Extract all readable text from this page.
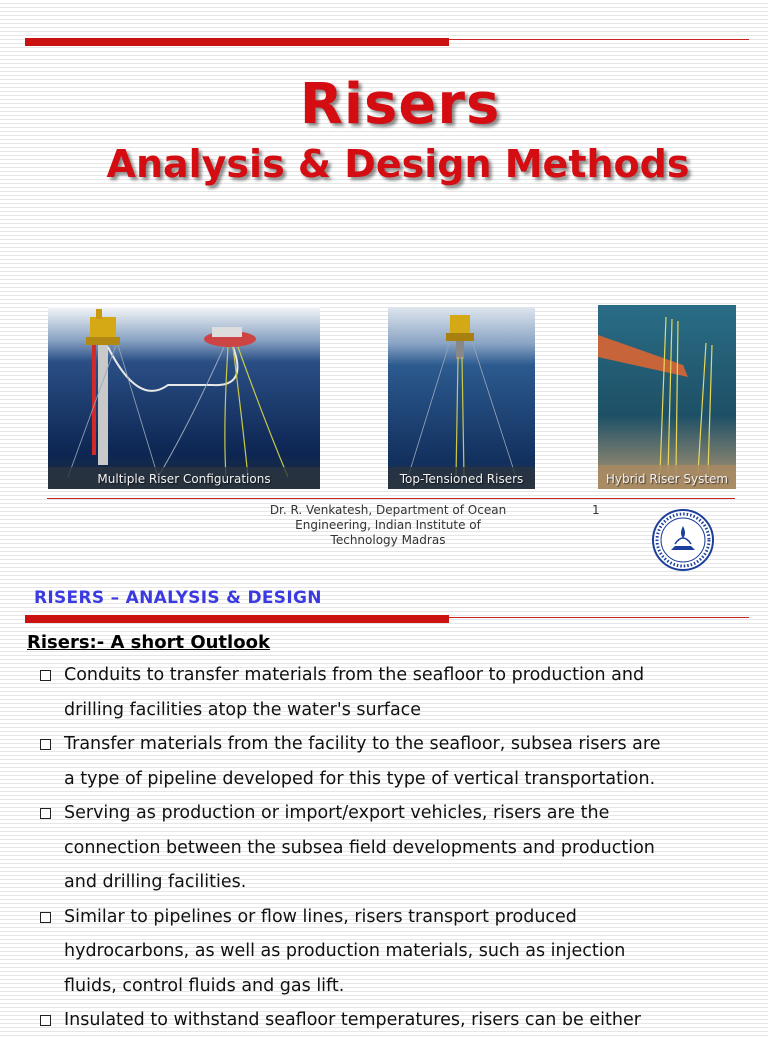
Risers
Analysis & Design Methods
Multiple Riser Configurations	Top-Tensioned Risers	Hybrid Riser System
Dr. R. Venkatesh, Department of Ocean
Engineering, Indian Institute of
Technology Madras
1
RISERS – ANALYSIS & DESIGN
Risers:- A short Outlook
Conduits to transfer materials from the seafloor to production and
drilling facilities atop the water's surface
Transfer materials from the facility to the seafloor, subsea risers are
a type of pipeline developed for this type of vertical transportation.
Serving as production or import/export vehicles, risers are the
connection between the subsea field developments and production
and drilling facilities.
Similar to pipelines or flow lines, risers transport produced
hydrocarbons, as well as production materials, such as injection
fluids, control fluids and gas lift.
Insulated to withstand seafloor temperatures, risers can be either
